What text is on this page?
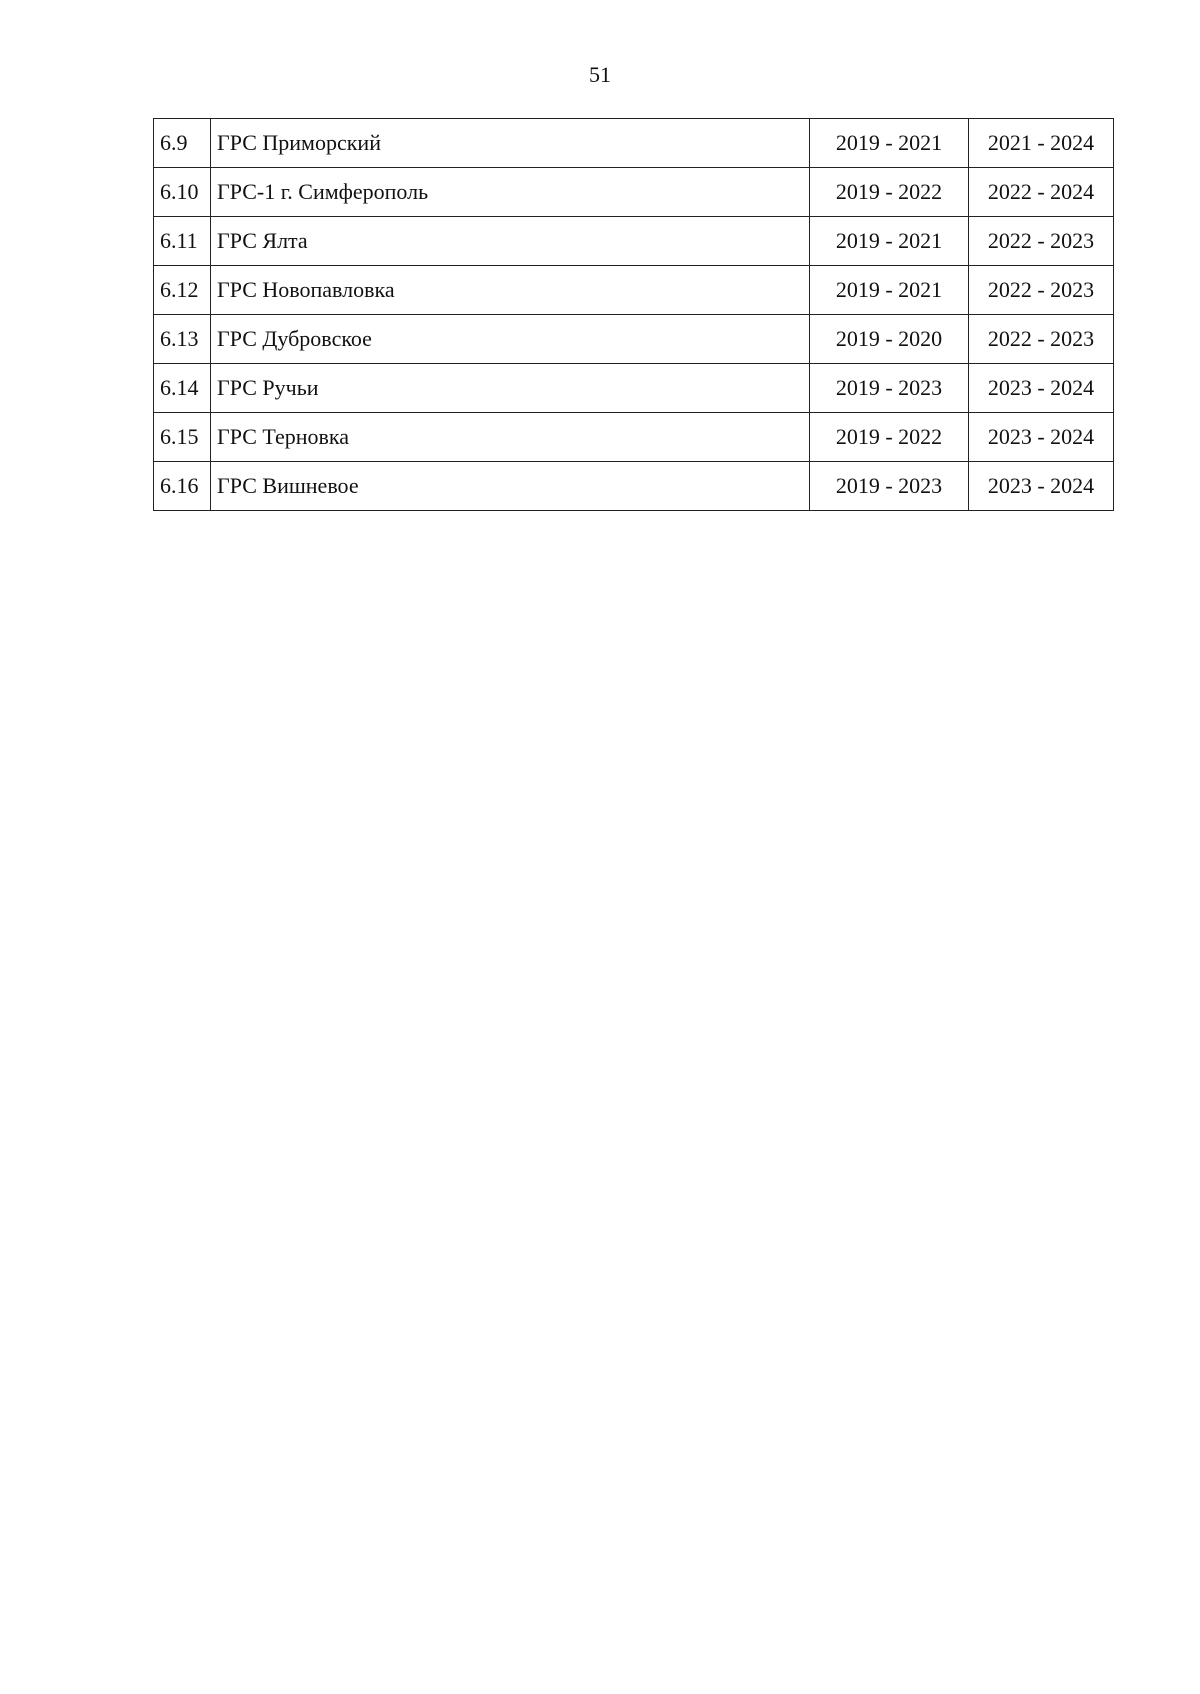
51
6.9	ГРС Приморский	2019 - 2021	2021 - 2024
6.10	ГРС-1 г. Симферополь	2019 - 2022	2022 - 2024
6.11	ГРС Ялта	2019 - 2021	2022 - 2023
6.12	ГРС Новопавловка	2019 - 2021	2022 - 2023
6.13	ГРС Дубровское	2019 - 2020	2022 - 2023
6.14	ГРС Ручьи	2019 - 2023	2023 - 2024
6.15	ГРС Терновка	2019 - 2022	2023 - 2024
6.16	ГРС Вишневое	2019 - 2023	2023 - 2024
